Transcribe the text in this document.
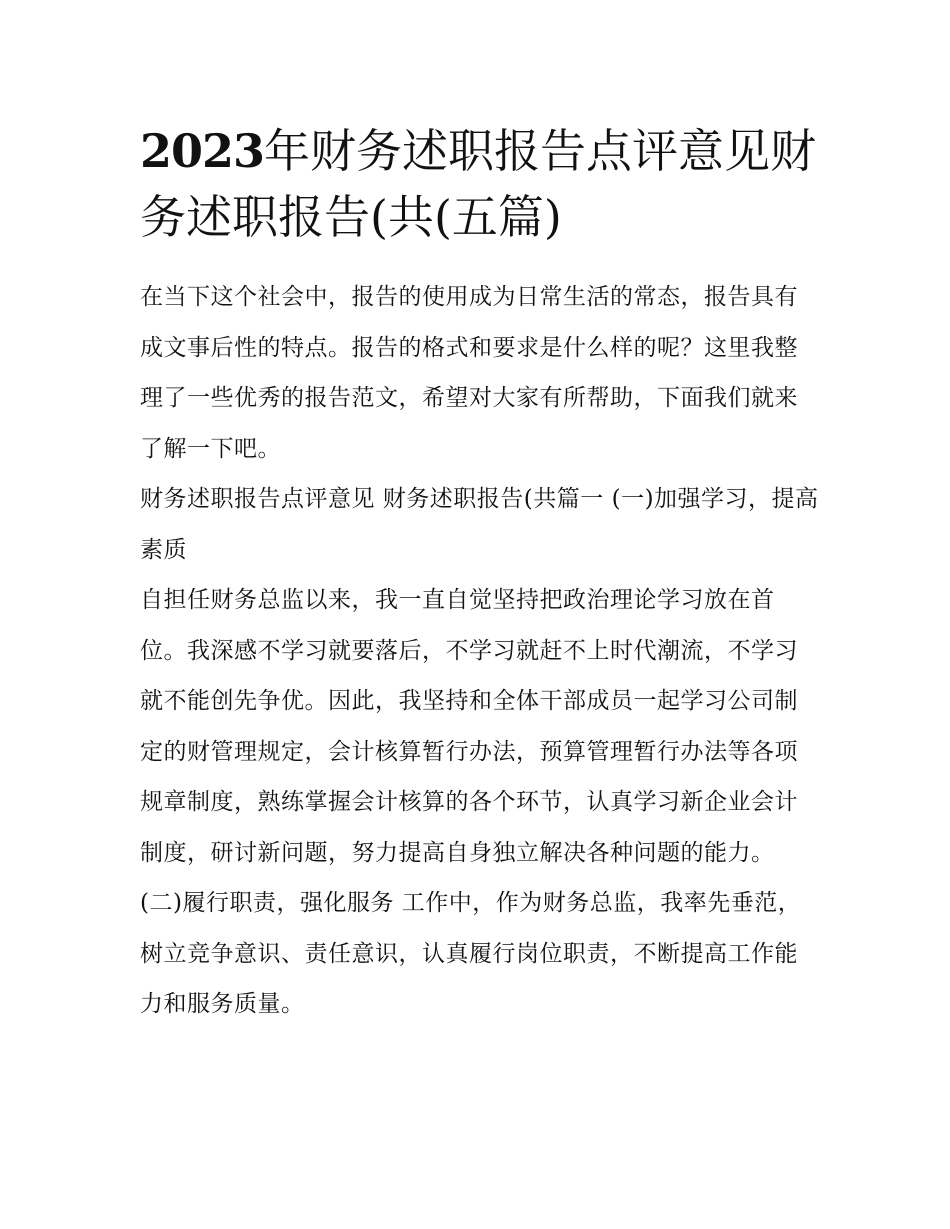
2023年财务述职报告点评意见财务述职报告(共(五篇)

在当下这个社会中，报告的使用成为日常生活的常态，报告具有成文事后性的特点。报告的格式和要求是什么样的呢？这里我整理了一些优秀的报告范文，希望对大家有所帮助，下面我们就来了解一下吧。

财务述职报告点评意见 财务述职报告(共篇一 (一)加强学习，提高素质

自担任财务总监以来，我一直自觉坚持把政治理论学习放在首位。我深感不学习就要落后，不学习就赶不上时代潮流，不学习就不能创先争优。因此，我坚持和全体干部成员一起学习公司制定的财管理规定，会计核算暂行办法，预算管理暂行办法等各项规章制度，熟练掌握会计核算的各个环节，认真学习新企业会计制度，研讨新问题，努力提高自身独立解决各种问题的能力。

(二)履行职责，强化服务 工作中，作为财务总监，我率先垂范，树立竞争意识、责任意识，认真履行岗位职责，不断提高工作能力和服务质量。
